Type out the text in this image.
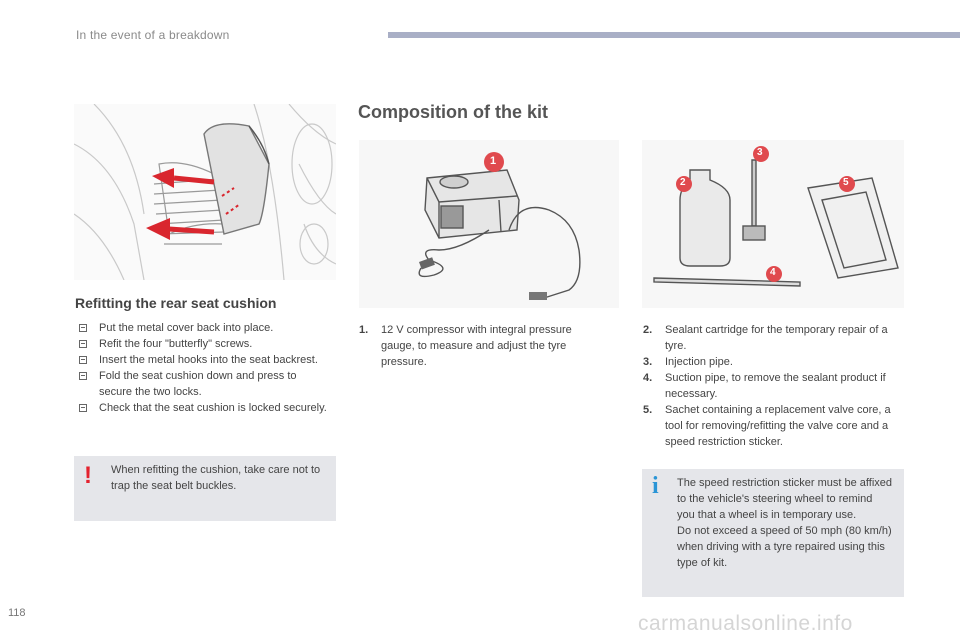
In the event of a breakdown
Refitting the rear seat cushion
Put the metal cover back into place.
Refit the four "butterfly" screws.
Insert the metal hooks into the seat backrest.
Fold the seat cushion down and press to secure the two locks.
Check that the seat cushion is locked securely.
! When refitting the cushion, take care not to trap the seat belt buckles.
Composition of the kit
1
2
3
4
5
1. 12 V compressor with integral pressure gauge, to measure and adjust the tyre pressure.
2. Sealant cartridge for the temporary repair of a tyre.
3. Injection pipe.
4. Suction pipe, to remove the sealant product if necessary.
5. Sachet containing a replacement valve core, a tool for removing/refitting the valve core and a speed restriction sticker.
i The speed restriction sticker must be affixed to the vehicle's steering wheel to remind you that a wheel is in temporary use.
Do not exceed a speed of 50 mph (80 km/h) when driving with a tyre repaired using this type of kit.
118	carmanualsonline.info
